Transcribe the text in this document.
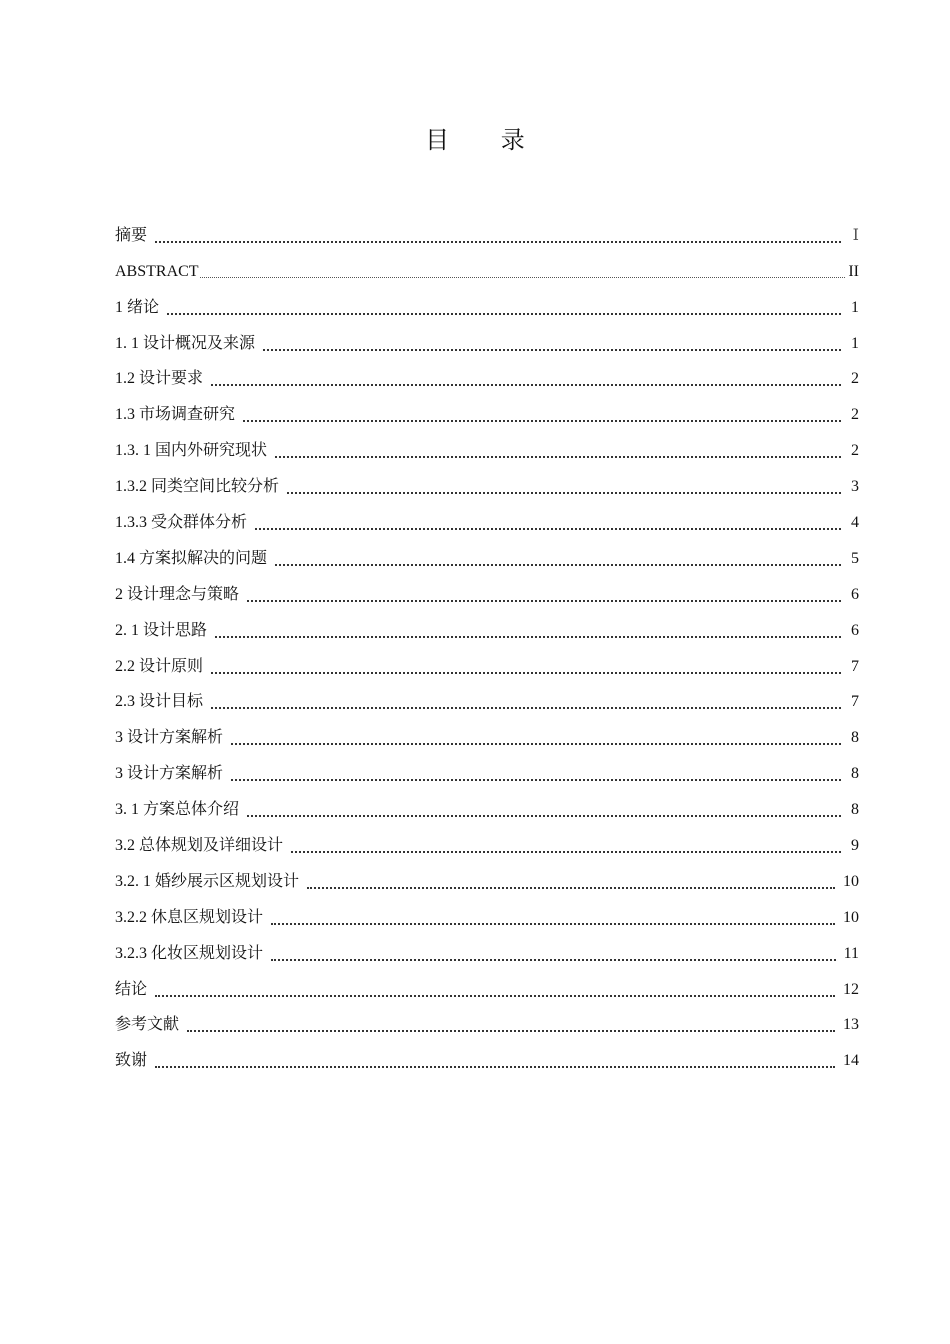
目 录
摘要	Ⅰ
ABSTRACT	II
1 绪论	1
1. 1 设计概况及来源	1
1.2 设计要求	2
1.3 市场调查研究	2
1.3. 1 国内外研究现状	2
1.3.2 同类空间比较分析	3
1.3.3 受众群体分析	4
1.4 方案拟解决的问题	5
2 设计理念与策略	6
2. 1 设计思路	6
2.2 设计原则	7
2.3 设计目标	7
3 设计方案解析	8
3 设计方案解析	8
3. 1 方案总体介绍	8
3.2 总体规划及详细设计	9
3.2. 1 婚纱展示区规划设计	10
3.2.2 休息区规划设计	10
3.2.3 化妆区规划设计	11
结论	12
参考文献	13
致谢	14
